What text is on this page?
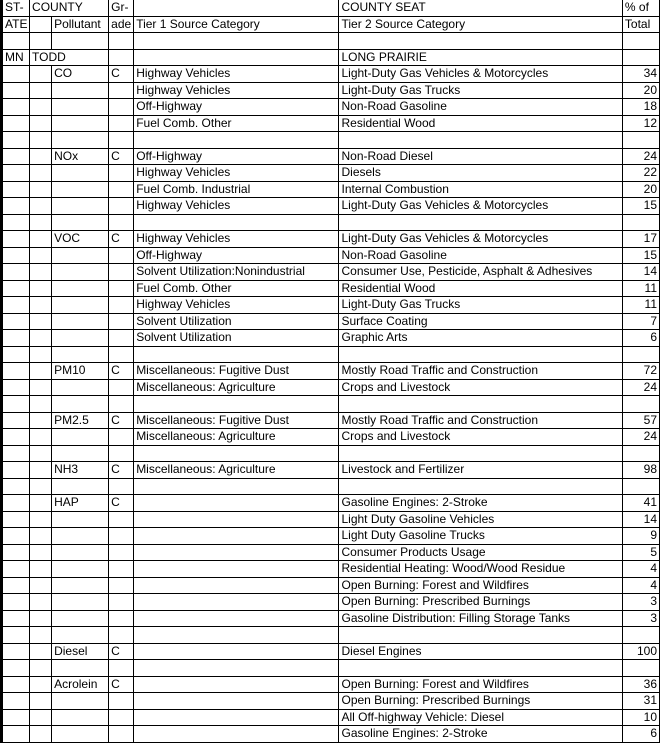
ST-	COUNTY		Gr-		COUNTY SEAT	% of
ATE		Pollutant	ade	Tier 1 Source Category	Tier 2 Source Category	Total

MN	TODD				LONG PRAIRIE	
		CO	C	Highway Vehicles	Light-Duty Gas Vehicles & Motorcycles	34
				Highway Vehicles	Light-Duty Gas Trucks	20
				Off-Highway	Non-Road Gasoline	18
				Fuel Comb. Other	Residential Wood	12

		NOx	C	Off-Highway	Non-Road Diesel	24
				Highway Vehicles	Diesels	22
				Fuel Comb. Industrial	Internal Combustion	20
				Highway Vehicles	Light-Duty Gas Vehicles & Motorcycles	15

		VOC	C	Highway Vehicles	Light-Duty Gas Vehicles & Motorcycles	17
				Off-Highway	Non-Road Gasoline	15
				Solvent Utilization:Nonindustrial	Consumer Use, Pesticide, Asphalt & Adhesives	14
				Fuel Comb. Other	Residential Wood	11
				Highway Vehicles	Light-Duty Gas Trucks	11
				Solvent Utilization	Surface Coating	7
				Solvent Utilization	Graphic Arts	6

		PM10	C	Miscellaneous: Fugitive Dust	Mostly Road Traffic and Construction	72
				Miscellaneous: Agriculture	Crops and Livestock	24

		PM2.5	C	Miscellaneous: Fugitive Dust	Mostly Road Traffic and Construction	57
				Miscellaneous: Agriculture	Crops and Livestock	24

		NH3	C	Miscellaneous: Agriculture	Livestock and Fertilizer	98

		HAP	C		Gasoline Engines: 2-Stroke	41
					Light Duty Gasoline Vehicles	14
					Light Duty Gasoline Trucks	9
					Consumer Products Usage	5
					Residential Heating: Wood/Wood Residue	4
					Open Burning: Forest and Wildfires	4
					Open Burning: Prescribed Burnings	3
					Gasoline Distribution: Filling Storage Tanks	3

		Diesel	C		Diesel Engines	100

		Acrolein	C		Open Burning: Forest and Wildfires	36
					Open Burning: Prescribed Burnings	31
					All Off-highway Vehicle: Diesel	10
					Gasoline Engines: 2-Stroke	6
